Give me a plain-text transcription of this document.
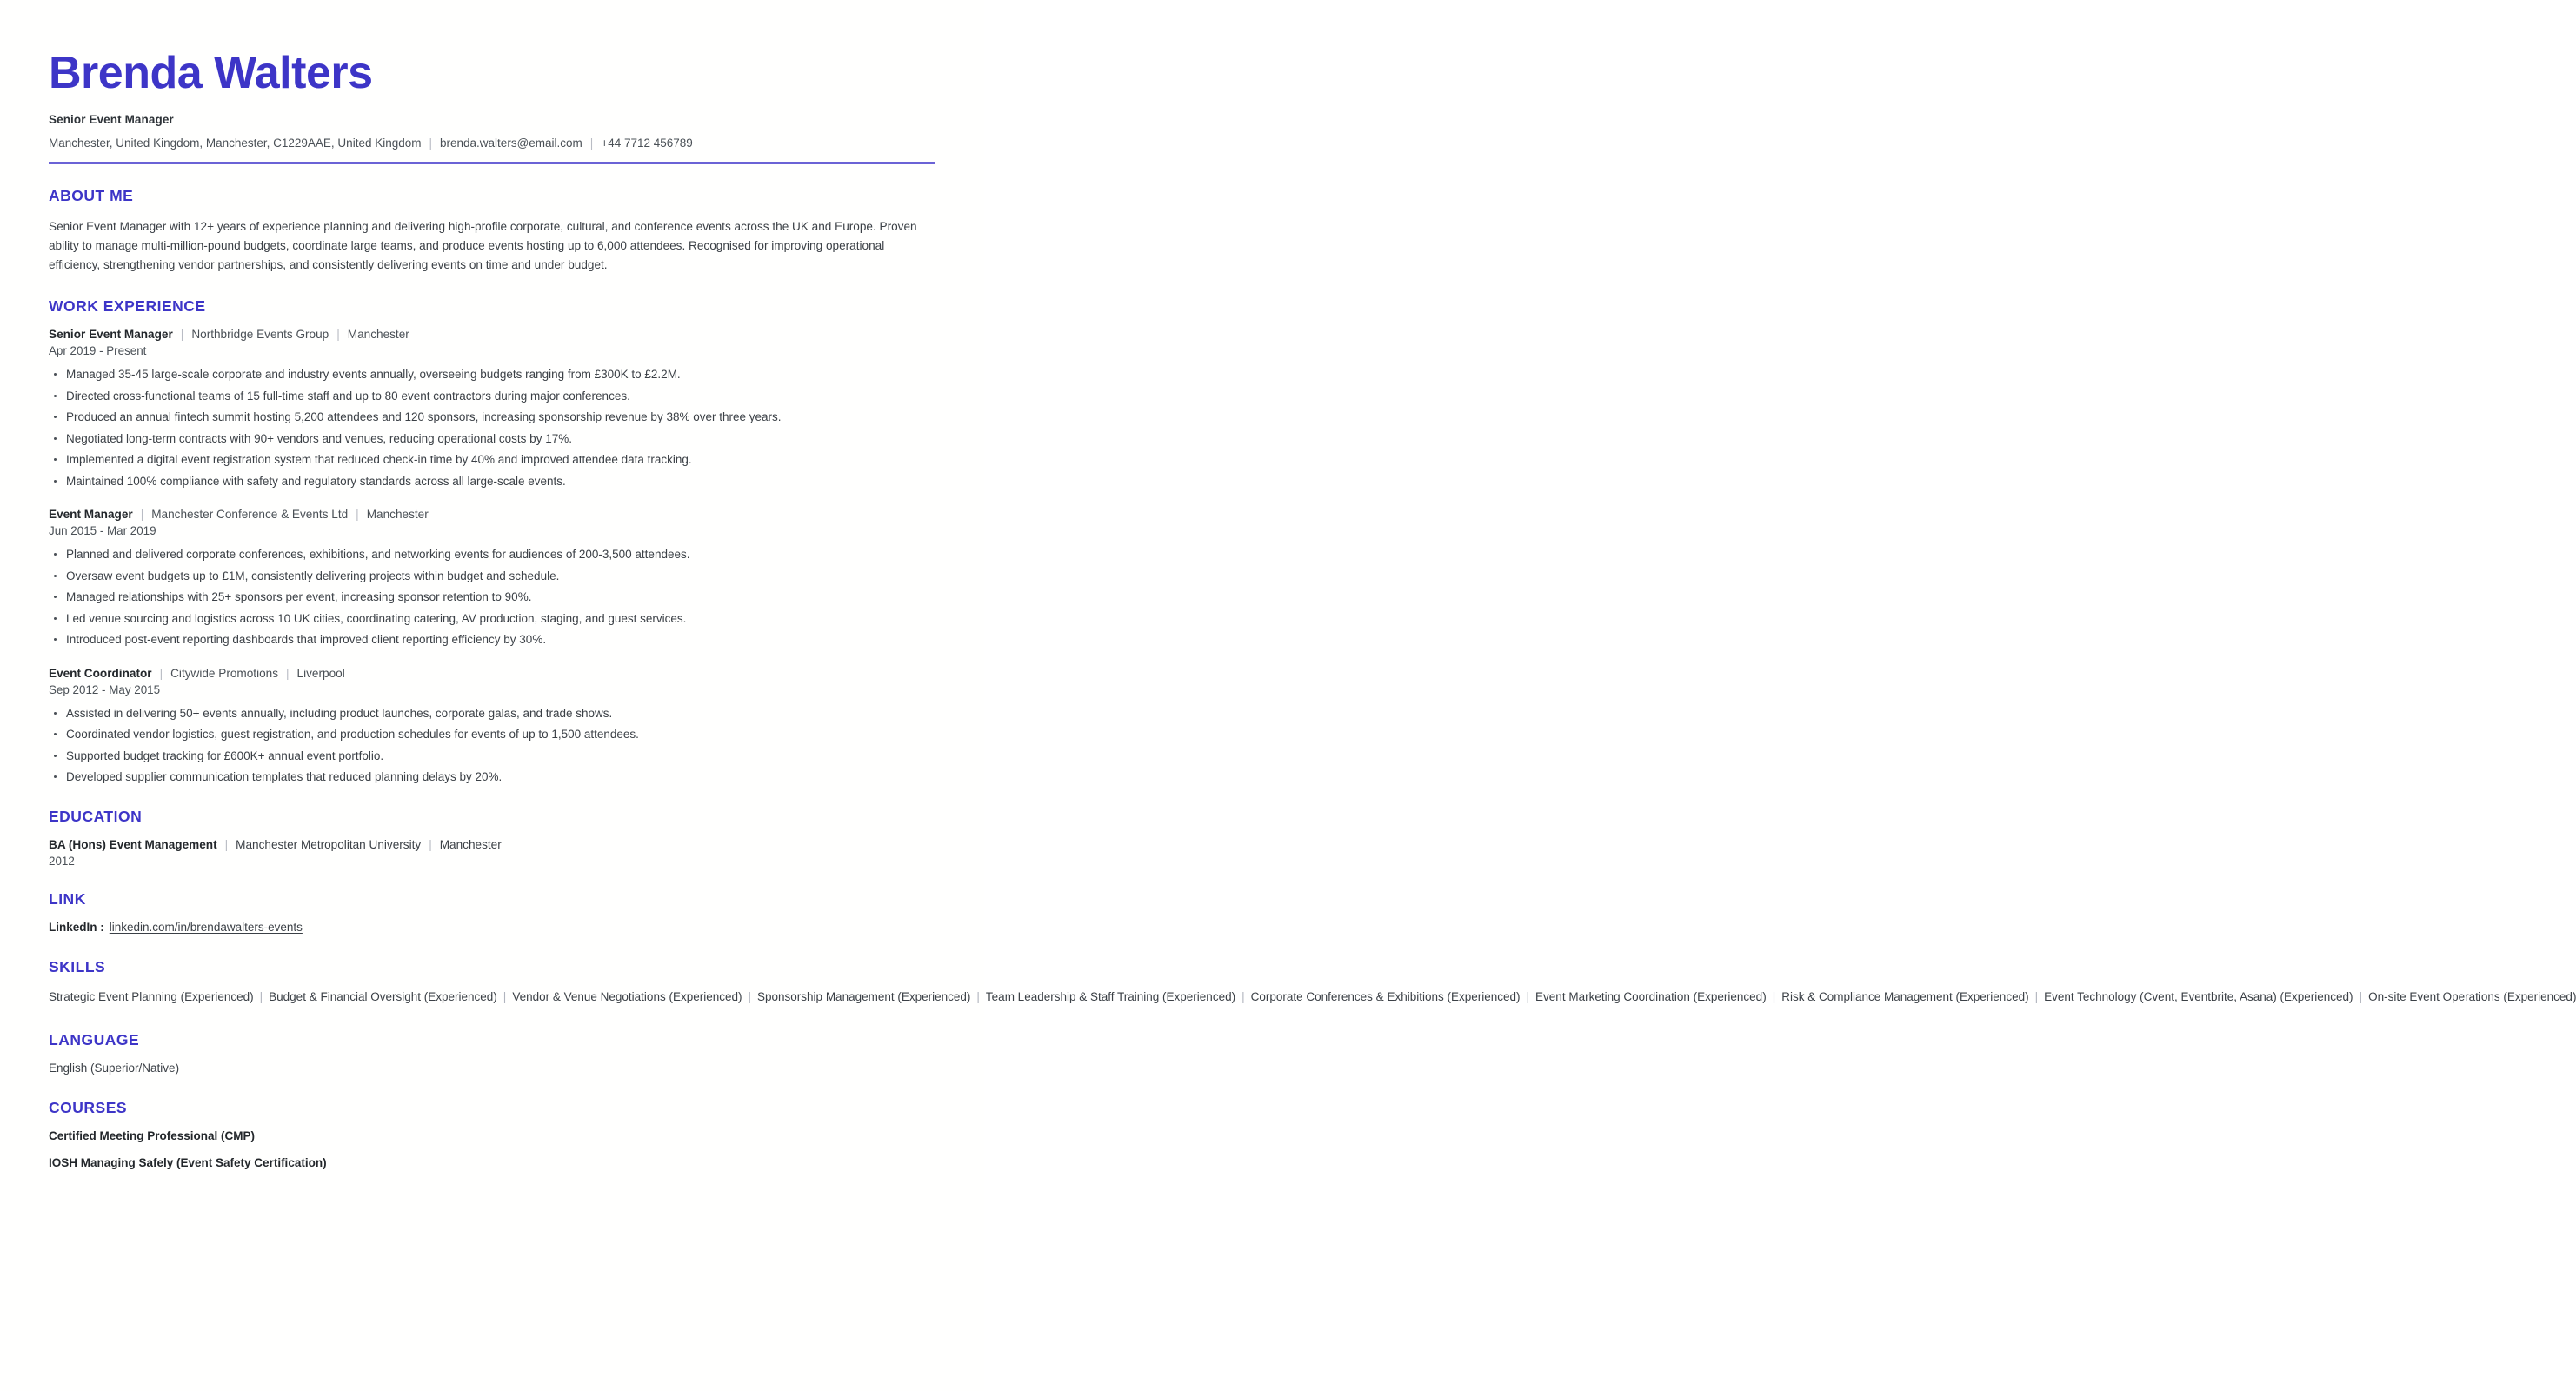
Brenda Walters
Senior Event Manager
Manchester, United Kingdom, Manchester, C1229AAE, United Kingdom | brenda.walters@email.com | +44 7712 456789
ABOUT ME

Senior Event Manager with 12+ years of experience planning and delivering high-profile corporate, cultural, and conference events across the UK and Europe. Proven ability to manage multi-million-pound budgets, coordinate large teams, and produce events hosting up to 6,000 attendees. Recognised for improving operational efficiency, strengthening vendor partnerships, and consistently delivering events on time and under budget.

WORK EXPERIENCE
Senior Event Manager | Northbridge Events Group | Manchester
Apr 2019 - Present
Managed 35-45 large-scale corporate and industry events annually, overseeing budgets ranging from £300K to £2.2M.
Directed cross-functional teams of 15 full-time staff and up to 80 event contractors during major conferences.
Produced an annual fintech summit hosting 5,200 attendees and 120 sponsors, increasing sponsorship revenue by 38% over three years.
Negotiated long-term contracts with 90+ vendors and venues, reducing operational costs by 17%.
Implemented a digital event registration system that reduced check-in time by 40% and improved attendee data tracking.
Maintained 100% compliance with safety and regulatory standards across all large-scale events.
Event Manager | Manchester Conference & Events Ltd | Manchester
Jun 2015 - Mar 2019
Planned and delivered corporate conferences, exhibitions, and networking events for audiences of 200-3,500 attendees.
Oversaw event budgets up to £1M, consistently delivering projects within budget and schedule.
Managed relationships with 25+ sponsors per event, increasing sponsor retention to 90%.
Led venue sourcing and logistics across 10 UK cities, coordinating catering, AV production, staging, and guest services.
Introduced post-event reporting dashboards that improved client reporting efficiency by 30%.
Event Coordinator | Citywide Promotions | Liverpool
Sep 2012 - May 2015
Assisted in delivering 50+ events annually, including product launches, corporate galas, and trade shows.
Coordinated vendor logistics, guest registration, and production schedules for events of up to 1,500 attendees.
Supported budget tracking for £600K+ annual event portfolio.
Developed supplier communication templates that reduced planning delays by 20%.
EDUCATION
BA (Hons) Event Management | Manchester Metropolitan University | Manchester
2012
LINK
LinkedIn : linkedin.com/in/brendawalters-events
SKILLS
Strategic Event Planning (Experienced) | Budget & Financial Oversight (Experienced) | Vendor & Venue Negotiations (Experienced) | Sponsorship Management (Experienced) | Team Leadership & Staff Training (Experienced) | Corporate Conferences & Exhibitions (Experienced) | Event Marketing Coordination (Experienced) | Risk & Compliance Management (Experienced) | Event Technology (Cvent, Eventbrite, Asana) (Experienced) | On-site Event Operations (Experienced)
LANGUAGE
English (Superior/Native)
COURSES
Certified Meeting Professional (CMP)
IOSH Managing Safely (Event Safety Certification)
